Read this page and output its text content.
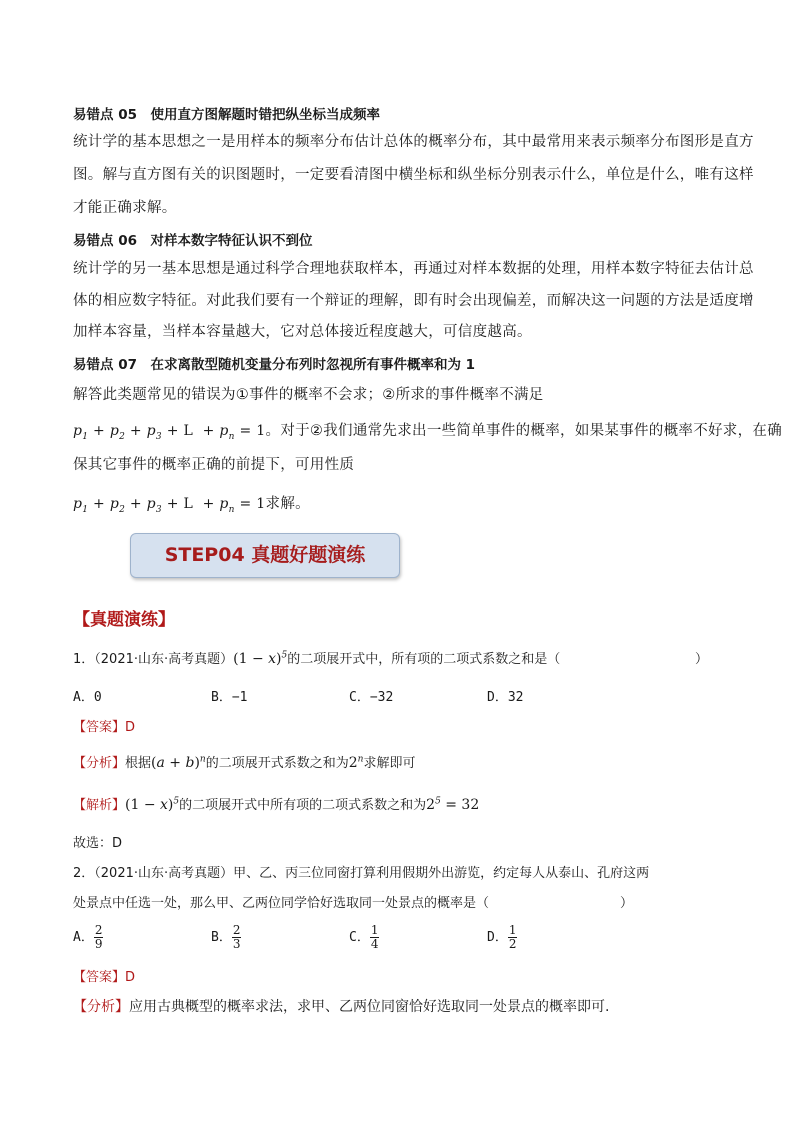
易错点 05　使用直方图解题时错把纵坐标当成频率
统计学的基本思想之一是用样本的频率分布估计总体的概率分布，其中最常用来表示频率分布图形是直方
图。解与直方图有关的识图题时，一定要看清图中横坐标和纵坐标分别表示什么，单位是什么，唯有这样
才能正确求解。
易错点 06　对样本数字特征认识不到位
统计学的另一基本思想是通过科学合理地获取样本，再通过对样本数据的处理，用样本数字特征去估计总
体的相应数字特征。对此我们要有一个辩证的理解，即有时会出现偏差，而解决这一问题的方法是适度增
加样本容量，当样本容量越大，它对总体接近程度越大，可信度越高。
易错点 07　在求离散型随机变量分布列时忽视所有事件概率和为 1
解答此类题常见的错误为①事件的概率不会求；②所求的事件概率不满足
$p_1 + p_2 + p_3 + L + p_n = 1$。对于②我们通常先求出一些简单事件的概率，如果某事件的概率不好求，在确
保其它事件的概率正确的前提下，可用性质
$p_1 + p_2 + p_3 + L + p_n = 1$求解。
STEP04 真题好题演练
【真题演练】
1．（2021·山东·高考真题）$(1 - x)^5$的二项展开式中，所有项的二项式系数之和是（	）
A．0	B．−1	C．−32	D．32
【答案】D
【分析】根据$(a + b)^n$的二项展开式系数之和为2$^n$求解即可
【解析】$(1 - x)^5$的二项展开式中所有项的二项式系数之和为$2^5 = 32$
故选：D
2．（2021·山东·高考真题）甲、乙、丙三位同窗打算利用假期外出游览，约定每人从泰山、孔府这两
处景点中任选一处，那么甲、乙两位同学恰好选取同一处景点的概率是（	）
A． $\frac{2}{9}$	B． $\frac{2}{3}$	C． $\frac{1}{4}$	D． $\frac{1}{2}$
【答案】D
【分析】应用古典概型的概率求法，求甲、乙两位同窗恰好选取同一处景点的概率即可.
